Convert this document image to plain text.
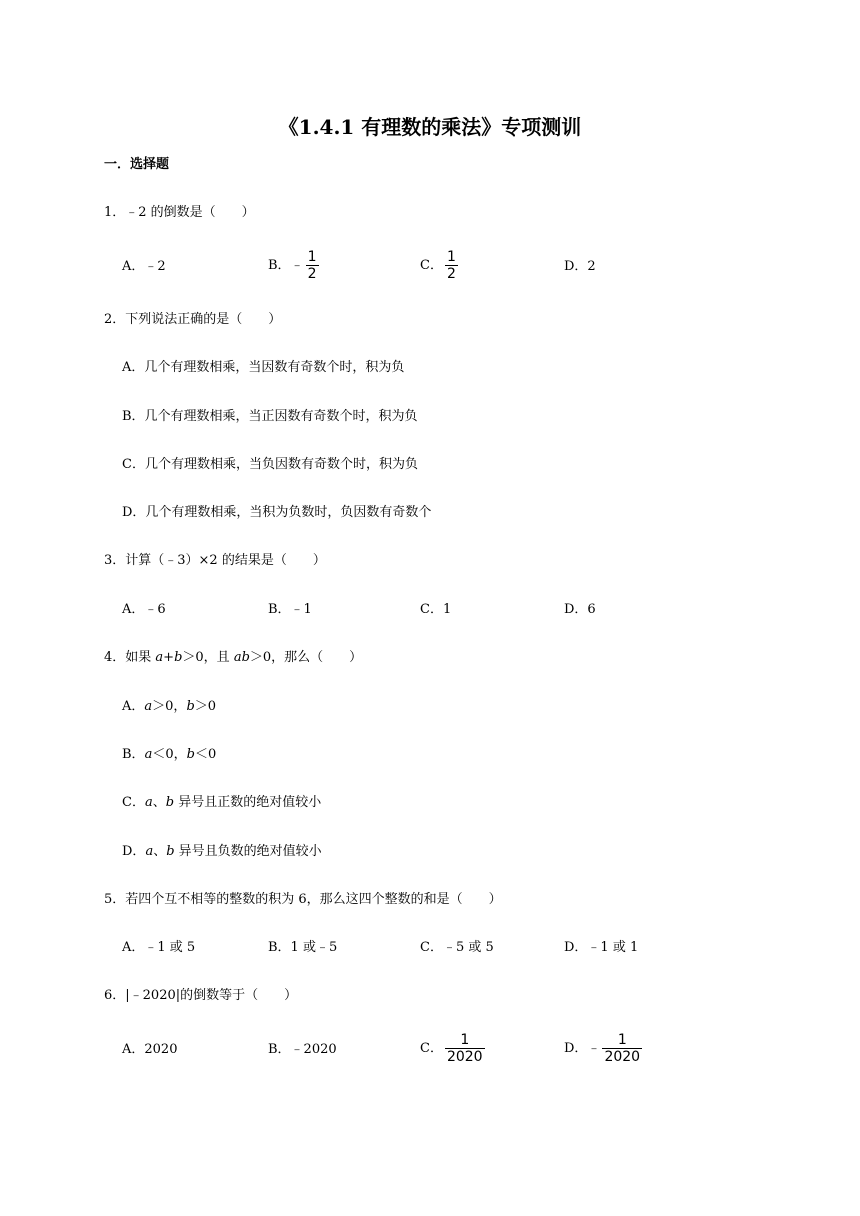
《1.4.1 有理数的乘法》专项测训
一．选择题
1．﹣2 的倒数是（　　）
A．﹣2	B． ﹣ $\frac{1}{2}$	C． $\frac{1}{2}$	D．2
2．下列说法正确的是（　　）
A．几个有理数相乘，当因数有奇数个时，积为负
B．几个有理数相乘，当正因数有奇数个时，积为负
C．几个有理数相乘，当负因数有奇数个时，积为负
D．几个有理数相乘，当积为负数时，负因数有奇数个
3．计算（﹣3）×2 的结果是（　　）
A．﹣6	B．﹣1	C．1	D．6
4．如果 a+b＞0，且 ab＞0，那么（　　）
A．a＞0，b＞0
B．a＜0，b＜0
C．a、b 异号且正数的绝对值较小
D．a、b 异号且负数的绝对值较小
5．若四个互不相等的整数的积为 6，那么这四个整数的和是（　　）
A．﹣1 或 5	B．1 或﹣5	C．﹣5 或 5	D．﹣1 或 1
6．|﹣2020|的倒数等于（　　）
A．2020	B．﹣2020	C． $\frac{1}{2020}$	D． ﹣ $\frac{1}{2020}$
